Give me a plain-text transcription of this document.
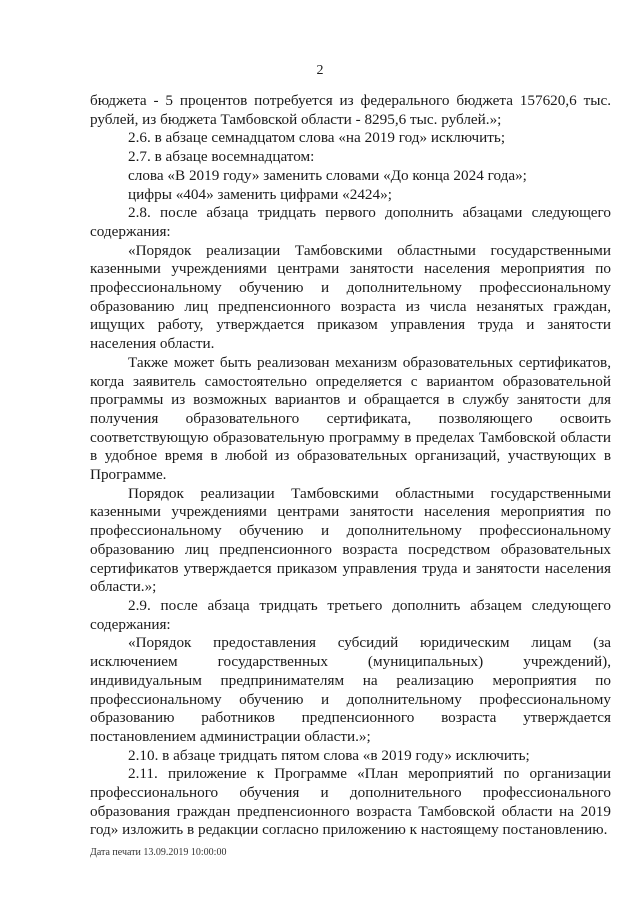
2

бюджета - 5 процентов потребуется из федерального бюджета 157620,6 тыс. рублей, из бюджета Тамбовской области - 8295,6 тыс. рублей.»;

2.6. в абзаце семнадцатом слова «на 2019 год» исключить;

2.7. в абзаце восемнадцатом:

слова «В 2019 году» заменить словами «До конца 2024 года»;

цифры «404» заменить цифрами «2424»;

2.8. после абзаца тридцать первого дополнить абзацами следующего содержания:

«Порядок реализации Тамбовскими областными государственными казенными учреждениями центрами занятости населения мероприятия по профессиональному обучению и дополнительному профессиональному образованию лиц предпенсионного возраста из числа незанятых граждан, ищущих работу, утверждается приказом управления труда и занятости населения области.

Также может быть реализован механизм образовательных сертификатов, когда заявитель самостоятельно определяется с вариантом образовательной программы из возможных вариантов и обращается в службу занятости для получения образовательного сертификата, позволяющего освоить соответствующую образовательную программу в пределах Тамбовской области в удобное время в любой из образовательных организаций, участвующих в Программе.

Порядок реализации Тамбовскими областными государственными казенными учреждениями центрами занятости населения мероприятия по профессиональному обучению и дополнительному профессиональному образованию лиц предпенсионного возраста посредством образовательных сертификатов утверждается приказом управления труда и занятости населения области.»;

2.9. после абзаца тридцать третьего дополнить абзацем следующего содержания:

«Порядок предоставления субсидий юридическим лицам (за исключением государственных (муниципальных) учреждений), индивидуальным предпринимателям на реализацию мероприятия по профессиональному обучению и дополнительному профессиональному образованию работников предпенсионного возраста утверждается постановлением администрации области.»;

2.10. в абзаце тридцать пятом слова «в 2019 году» исключить;

2.11. приложение к Программе «План мероприятий по организации профессионального обучения и дополнительного профессионального образования граждан предпенсионного возраста Тамбовской области на 2019 год» изложить в редакции согласно приложению к настоящему постановлению.

Дата печати 13.09.2019 10:00:00
